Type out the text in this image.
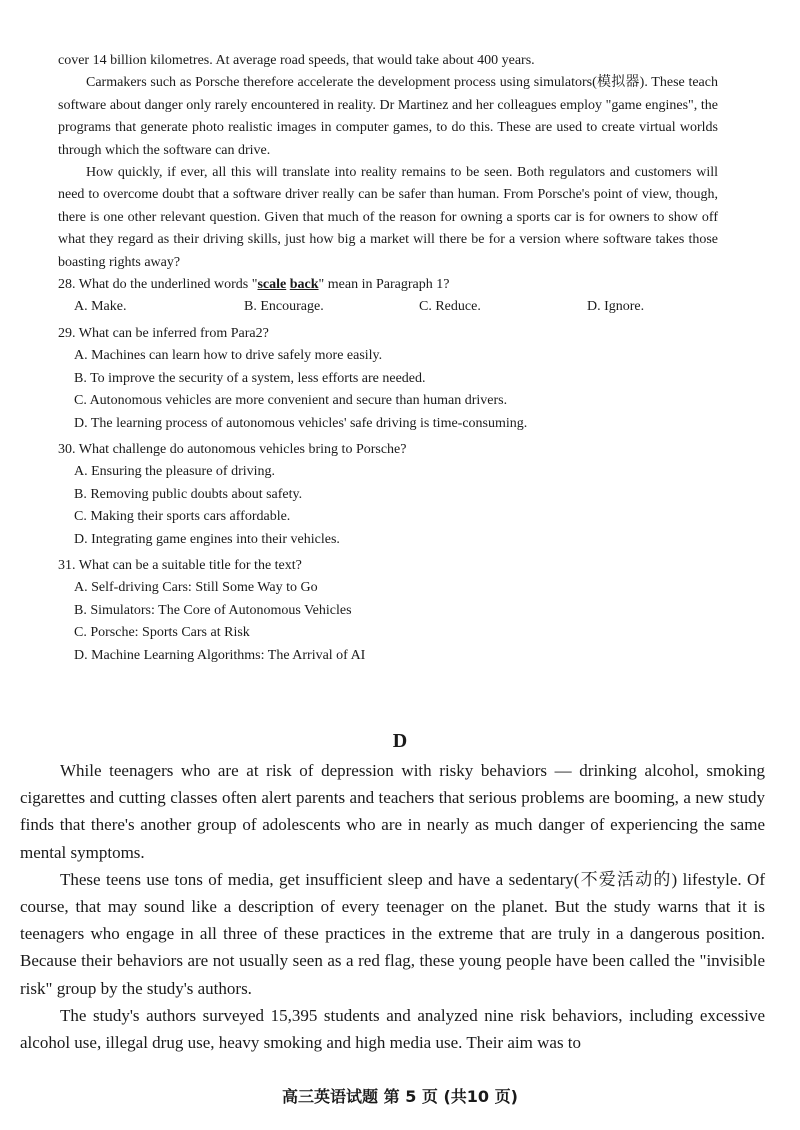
cover 14 billion kilometres. At average road speeds, that would take about 400 years.

Carmakers such as Porsche therefore accelerate the development process using simulators(模拟器). These teach software about danger only rarely encountered in reality. Dr Martinez and her colleagues employ "game engines", the programs that generate photo realistic images in computer games, to do this. These are used to create virtual worlds through which the software can drive.

How quickly, if ever, all this will translate into reality remains to be seen. Both regulators and customers will need to overcome doubt that a software driver really can be safer than human. From Porsche's point of view, though, there is one other relevant question. Given that much of the reason for owning a sports car is for owners to show off what they regard as their driving skills, just how big a market will there be for a version where software takes those boasting rights away?

28. What do the underlined words "scale back" mean in Paragraph 1?

A. Make.	B. Encourage.	C. Reduce.	D. Ignore.

29. What can be inferred from Para2?

A. Machines can learn how to drive safely more easily.

B. To improve the security of a system, less efforts are needed.

C. Autonomous vehicles are more convenient and secure than human drivers.

D. The learning process of autonomous vehicles' safe driving is time-consuming.

30. What challenge do autonomous vehicles bring to Porsche?

A. Ensuring the pleasure of driving.

B. Removing public doubts about safety.

C. Making their sports cars affordable.

D. Integrating game engines into their vehicles.

31. What can be a suitable title for the text?

A. Self-driving Cars: Still Some Way to Go

B. Simulators: The Core of Autonomous Vehicles

C. Porsche: Sports Cars at Risk

D. Machine Learning Algorithms: The Arrival of AI

D

While teenagers who are at risk of depression with risky behaviors — drinking alcohol, smoking cigarettes and cutting classes often alert parents and teachers that serious problems are booming, a new study finds that there's another group of adolescents who are in nearly as much danger of experiencing the same mental symptoms.

These teens use tons of media, get insufficient sleep and have a sedentary(不爱活动的) lifestyle. Of course, that may sound like a description of every teenager on the planet. But the study warns that it is teenagers who engage in all three of these practices in the extreme that are truly in a dangerous position. Because their behaviors are not usually seen as a red flag, these young people have been called the "invisible risk" group by the study's authors.

The study's authors surveyed 15,395 students and analyzed nine risk behaviors, including excessive alcohol use, illegal drug use, heavy smoking and high media use. Their aim was to

高三英语试题 第 5 页 (共10 页)
